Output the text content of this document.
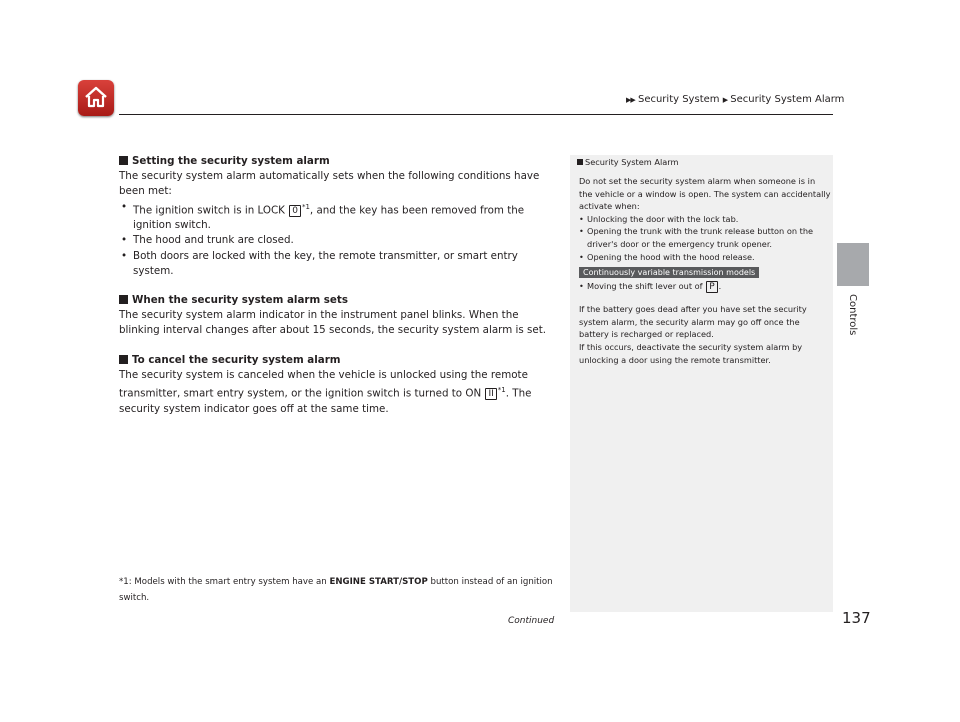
▶▶ Security System ▶ Security System Alarm
Controls

Setting the security system alarm

The security system alarm automatically sets when the following conditions have been met:

• The ignition switch is in LOCK 0 $^{*1}$, and the key has been removed from the ignition switch.

• The hood and trunk are closed.

• Both doors are locked with the key, the remote transmitter, or smart entry system.

When the security system alarm sets

The security system alarm indicator in the instrument panel blinks. When the blinking interval changes after about 15 seconds, the security system alarm is set.

To cancel the security system alarm

The security system is canceled when the vehicle is unlocked using the remote transmitter, smart entry system, or the ignition switch is turned to ON II $^{*1}$. The security system indicator goes off at the same time.

*1: Models with the smart entry system have an ENGINE START/STOP button instead of an ignition switch.
Security System Alarm

Do not set the security system alarm when someone is in the vehicle or a window is open. The system can accidentally activate when:

• Unlocking the door with the lock tab.

• Opening the trunk with the trunk release button on the driver's door or the emergency trunk opener.

• Opening the hood with the hood release.

Continuously variable transmission models

• Moving the shift lever out of P .

If the battery goes dead after you have set the security system alarm, the security alarm may go off once the battery is recharged or replaced.

If this occurs, deactivate the security system alarm by unlocking a door using the remote transmitter.

Continued	137
